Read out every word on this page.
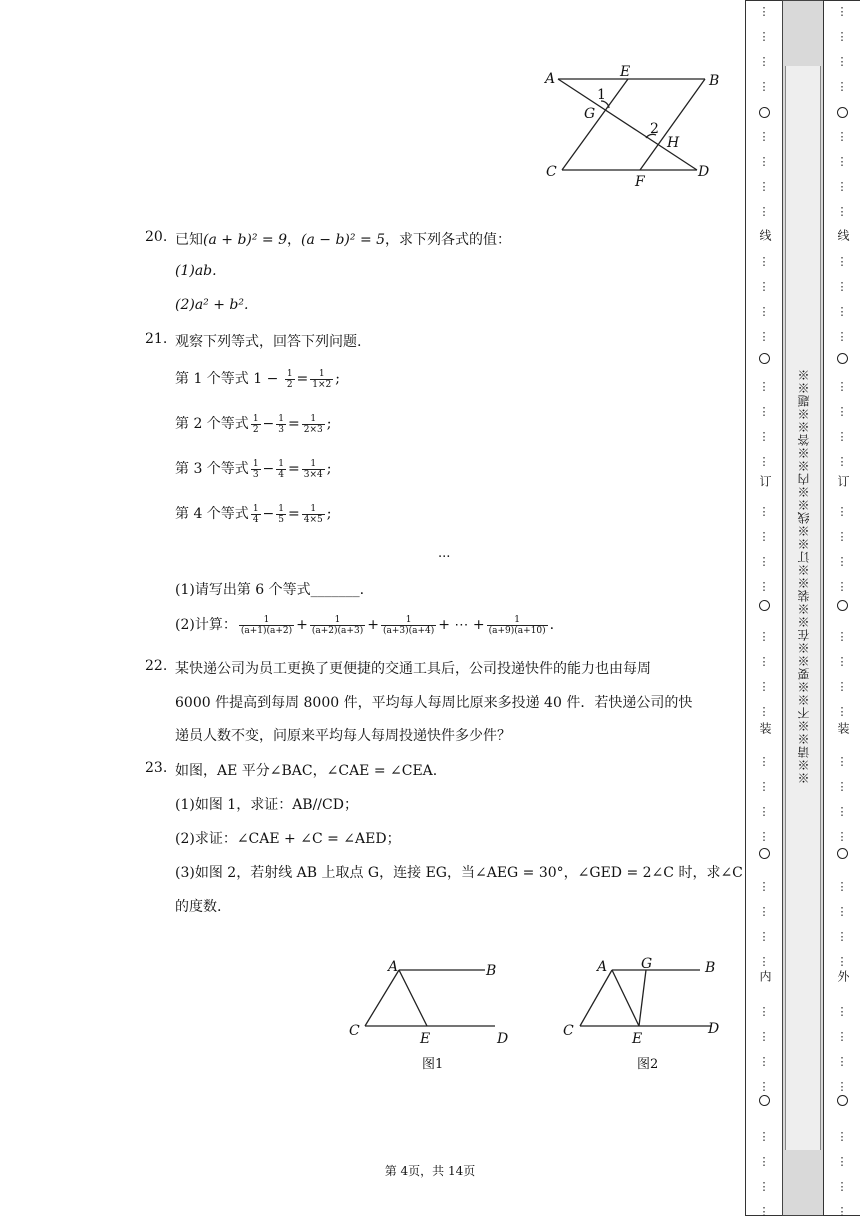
A	E
B
1
G
2
H
C
F
D
20. 已知(a + b)² = 9，(a − b)² = 5，求下列各式的值：
(1)ab.
(2)a² + b².
21. 观察下列等式，回答下列问题.
第 1 个等式 $1 - \frac{1}{2} = \frac{1}{1\times 2}$ ;
第 2 个等式 $\frac{1}{2} - \frac{1}{3} = \frac{1}{2\times 3}$ ;
第 3 个等式 $\frac{1}{3} - \frac{1}{4} = \frac{1}{3\times 4}$ ;
第 4 个等式 $\frac{1}{4} - \frac{1}{5} = \frac{1}{4\times 5}$ ;
...
(1)请写出第 6 个等式_______.
(2)计算： $\frac{1}{(a+1)(a+2)} + \frac{1}{(a+2)(a+3)} + \frac{1}{(a+3)(a+4)}$ + ⋯ + $\frac{1}{(a+9)(a+10)}$ .
22. 某快递公司为员工更换了更便捷的交通工具后，公司投递快件的能力也由每周
6000 件提高到每周 8000 件，平均每人每周比原来多投递 40 件．若快递公司的快
递员人数不变，问原来平均每人每周投递快件多少件？
23. 如图，AE 平分∠BAC，∠CAE = ∠CEA.
(1)如图 1，求证：AB//CD；
(2)求证：∠CAE + ∠C = ∠AED；
(3)如图 2，若射线 AB 上取点 G，连接 EG，当∠AEG = 30°，∠GED = 2∠C 时，求∠C
的度数.
A	B
C	E	D
图1
A G	B
C	E
D
图2
第 4页，共 14页
⋮
⋮
⋮
⋮
⋮
⋮
⋮
⋮
⋮
⋮
⋮
⋮
⋮
⋮
⋮
⋮
⋮
⋮
⋮
⋮
⋮
⋮
⋮
⋮
⋮
⋮
⋮
⋮
⋮
⋮
⋮
⋮
⋮
⋮
⋮
⋮
⋮
⋮
⋮
⋮
⋮
⋮
⋮
⋮
⋮
⋮
⋮
⋮
⋮
⋮
⋮
⋮
⋮
⋮
⋮
⋮
⋮
⋮
⋮
⋮
⋮
⋮
⋮
⋮
⋮
⋮
⋮
⋮
⋮
⋮
⋮
⋮
⋮
⋮
⋮
⋮
⋮
⋮
⋮
⋮
线
订
装
内
线
订
装
外
※※请※※不※※要※※在※※装※※订※※线※※内※※答※※题※※
